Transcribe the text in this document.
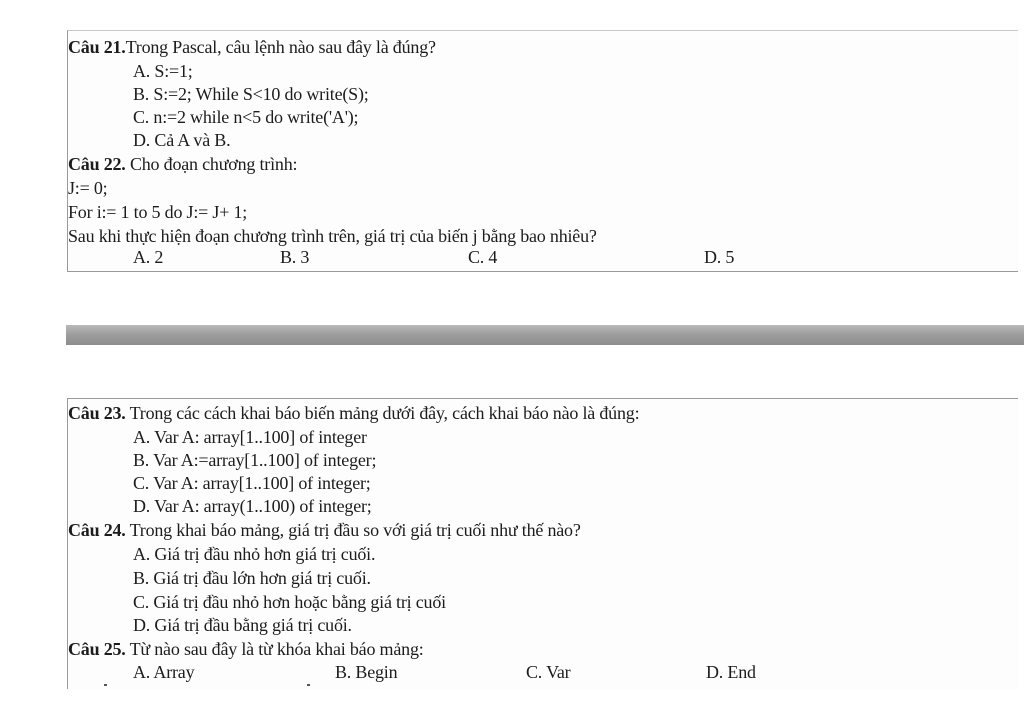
Câu 21.Trong Pascal, câu lệnh nào sau đây là đúng?
A. S:=1;
B. S:=2; While S<10 do write(S);
C. n:=2 while n<5 do write('A');
D. Cả A và B.
Câu 22. Cho đoạn chương trình:
J:= 0;
For i:= 1 to 5 do J:= J+ 1;
Sau khi thực hiện đoạn chương trình trên, giá trị của biến j bằng bao nhiêu?
A. 2	B. 3	C. 4	D. 5
Câu 23. Trong các cách khai báo biến mảng dưới đây, cách khai báo nào là đúng:
A. Var A: array[1..100] of integer
B. Var A:=array[1..100] of integer;
C. Var A: array[1..100] of integer;
D. Var A: array(1..100) of integer;
Câu 24. Trong khai báo mảng, giá trị đầu so với giá trị cuối như thế nào?
A. Giá trị đầu nhỏ hơn giá trị cuối.
B. Giá trị đầu lớn hơn giá trị cuối.
C. Giá trị đầu nhỏ hơn hoặc bằng giá trị cuối
D. Giá trị đầu bằng giá trị cuối.
Câu 25. Từ nào sau đây là từ khóa khai báo mảng:
A. Array	B. Begin	C. Var	D. End
